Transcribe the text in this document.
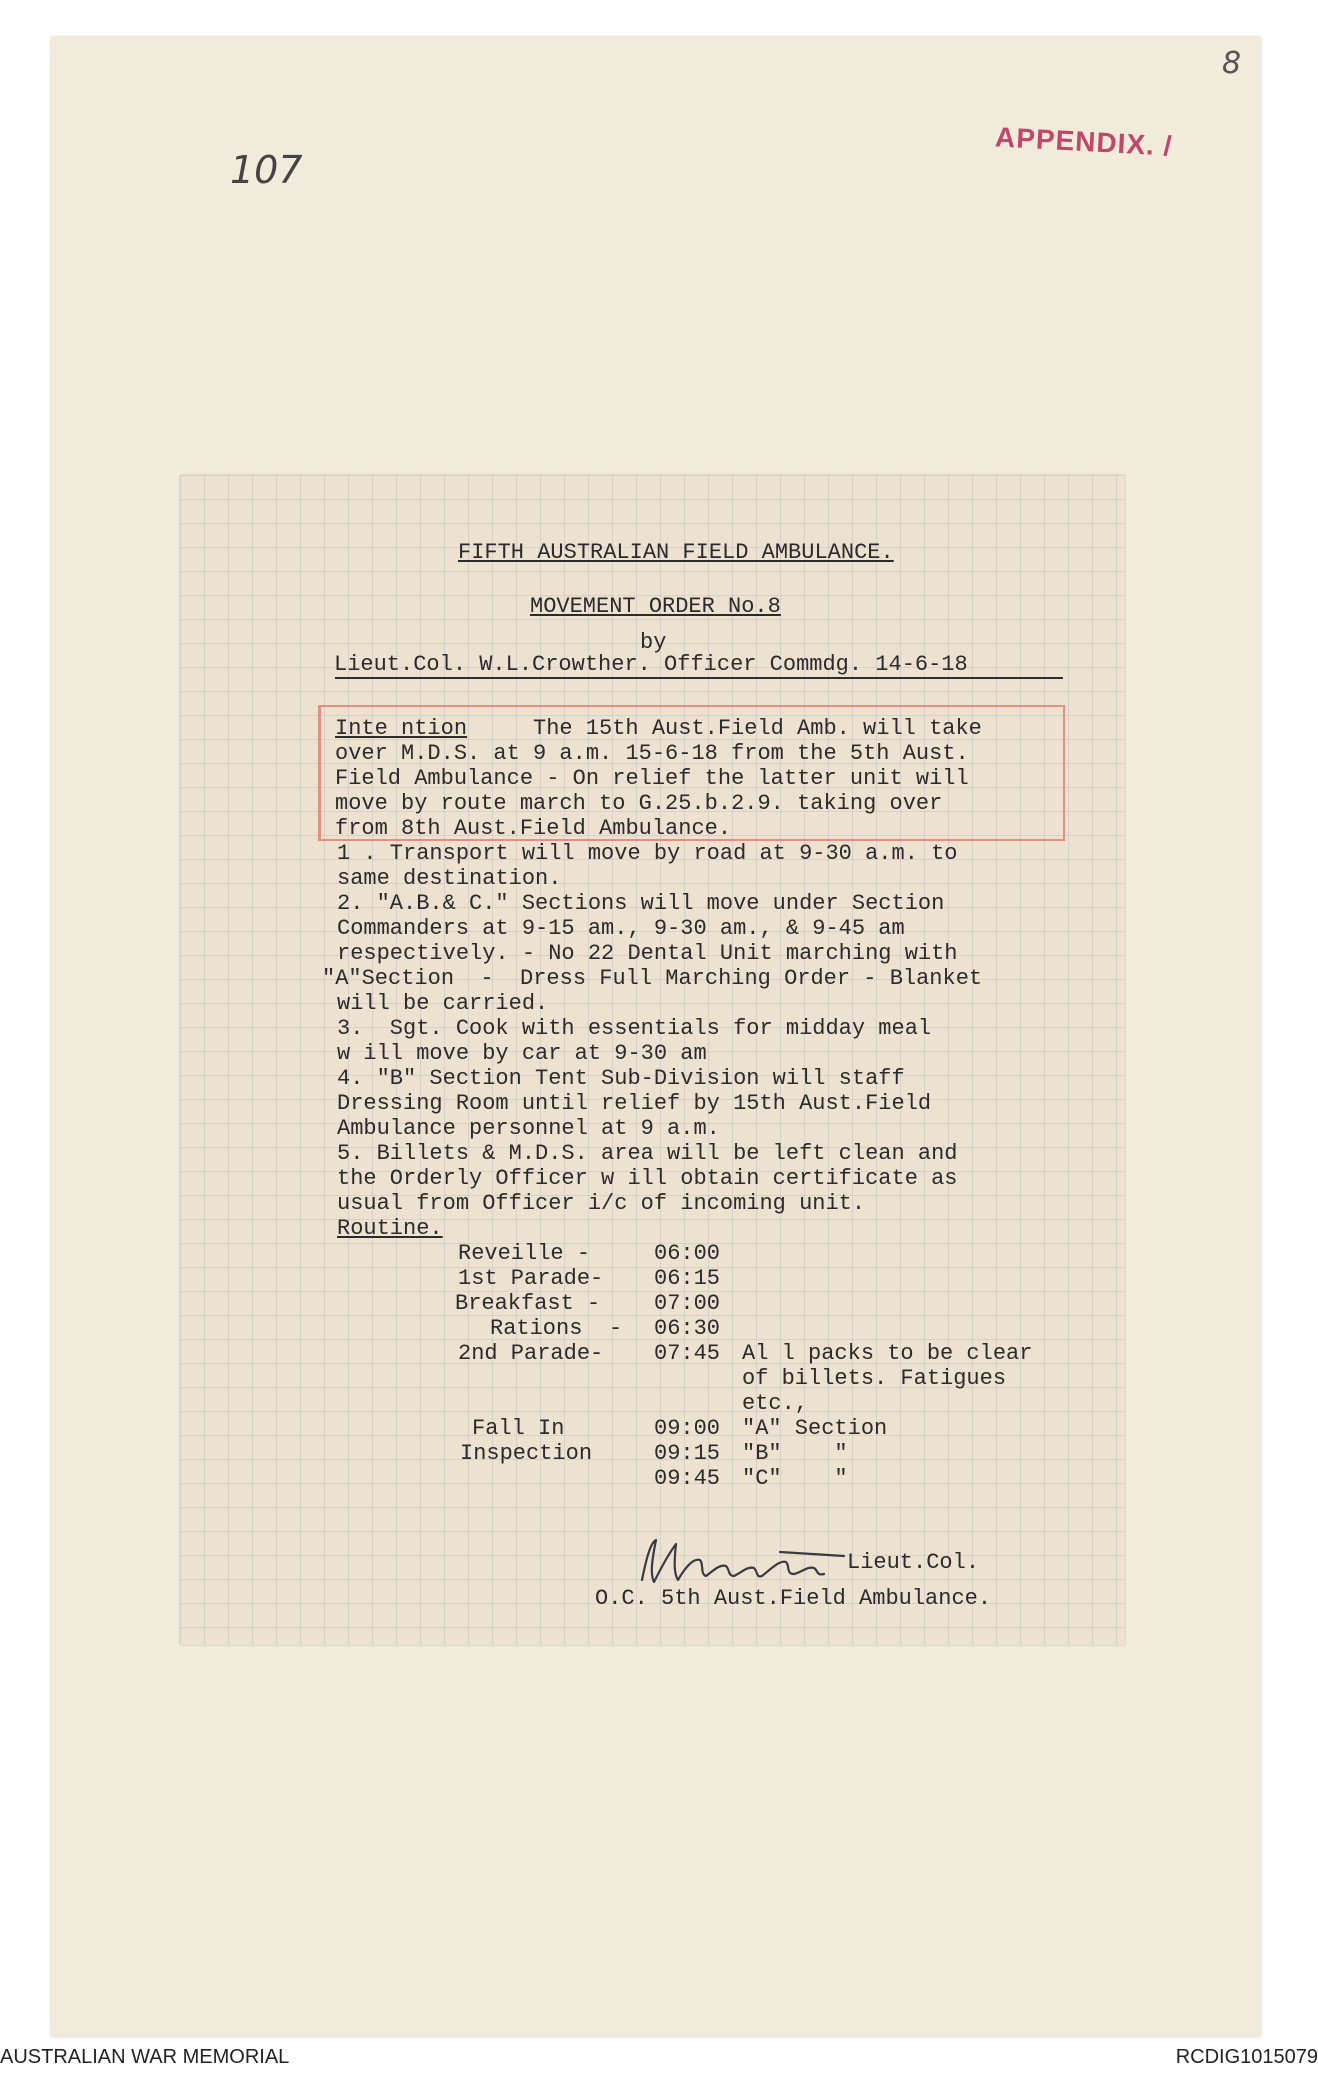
8
107
APPENDIX. /
FIFTH AUSTRALIAN FIELD AMBULANCE.
MOVEMENT ORDER No.8
by
Lieut.Col. W.L.Crowther. Officer Commdg. 14-6-18
Inte ntion	The 15th Aust.Field Amb. will take
over M.D.S. at 9 a.m. 15-6-18 from the 5th Aust.
Field Ambulance - On relief the latter unit will
move by route march to G.25.b.2.9. taking over
from 8th Aust.Field Ambulance.
1 . Transport will move by road at 9-30 a.m. to
same destination.
2. "A.B.& C." Sections will move under Section
Commanders at 9-15 am., 9-30 am., & 9-45 am
respectively. - No 22 Dental Unit marching with
"A"Section  -  Dress Full Marching Order - Blanket
will be carried.
3.  Sgt. Cook with essentials for midday meal
w ill move by car at 9-30 am
4. "B" Section Tent Sub-Division will staff
Dressing Room until relief by 15th Aust.Field
Ambulance personnel at 9 a.m.
5. Billets & M.D.S. area will be left clean and
the Orderly Officer w ill obtain certificate as
usual from Officer i/c of incoming unit.
Routine.
Reveille -	06:00
1st Parade- 06:15
Breakfast - 07:00
Rations  - 06:30
2nd Parade- 07:45 Al l packs to be clear
of billets. Fatigues
etc.,
Fall In	09:00 "A" Section
Inspection	09:15 "B"    "
09:45 "C"    "
Lieut.Col.
O.C. 5th Aust.Field Ambulance.
AUSTRALIAN WAR MEMORIAL	RCDIG1015079
